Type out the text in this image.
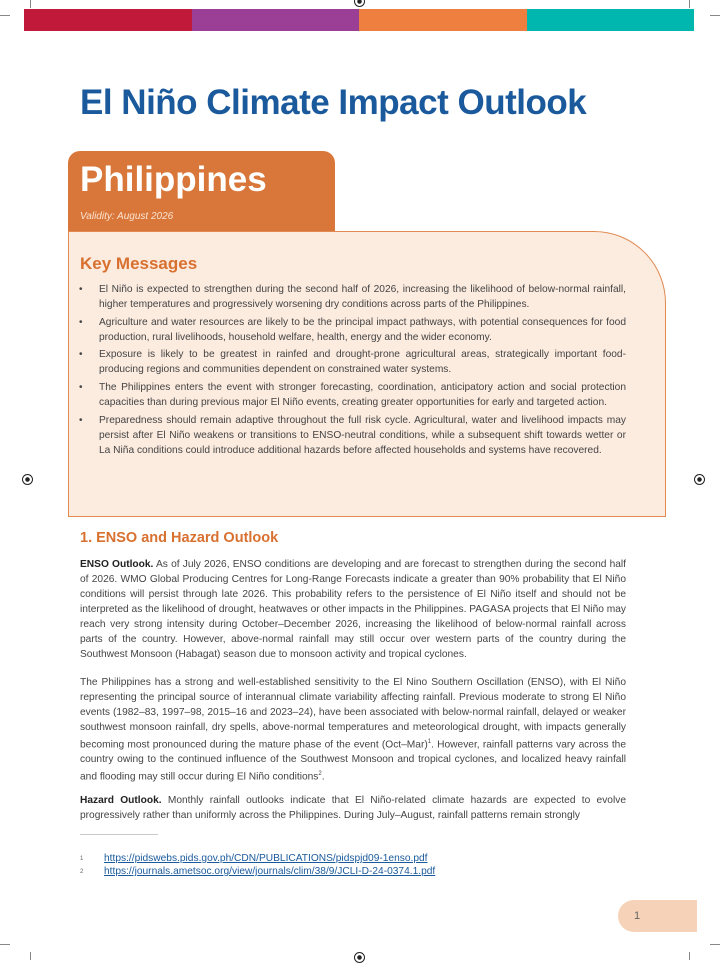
El Niño Climate Impact Outlook
Philippines
Validity: August 2026
Key Messages
• El Niño is expected to strengthen during the second half of 2026, increasing the likelihood of below-normal rainfall, higher temperatures and progressively worsening dry conditions across parts of the Philippines.
• Agriculture and water resources are likely to be the principal impact pathways, with potential consequences for food production, rural livelihoods, household welfare, health, energy and the wider economy.
• Exposure is likely to be greatest in rainfed and drought-prone agricultural areas, strategically important food-producing regions and communities dependent on constrained water systems.
• The Philippines enters the event with stronger forecasting, coordination, anticipatory action and social protection capacities than during previous major El Niño events, creating greater opportunities for early and targeted action.
• Preparedness should remain adaptive throughout the full risk cycle. Agricultural, water and livelihood impacts may persist after El Niño weakens or transitions to ENSO-neutral conditions, while a subsequent shift towards wetter or La Niña conditions could introduce additional hazards before affected households and systems have recovered.
1. ENSO and Hazard Outlook

ENSO Outlook. As of July 2026, ENSO conditions are developing and are forecast to strengthen during the second half of 2026. WMO Global Producing Centres for Long-Range Forecasts indicate a greater than 90% probability that El Niño conditions will persist through late 2026. This probability refers to the persistence of El Niño itself and should not be interpreted as the likelihood of drought, heatwaves or other impacts in the Philippines. PAGASA projects that El Niño may reach very strong intensity during October–December 2026, increasing the likelihood of below-normal rainfall across parts of the country. However, above-normal rainfall may still occur over western parts of the country during the Southwest Monsoon (Habagat) season due to monsoon activity and tropical cyclones.

The Philippines has a strong and well-established sensitivity to the El Nino Southern Oscillation (ENSO), with El Niño representing the principal source of interannual climate variability affecting rainfall. Previous moderate to strong El Niño events (1982–83, 1997–98, 2015–16 and 2023–24), have been associated with below-normal rainfall, delayed or weaker southwest monsoon rainfall, dry spells, above-normal temperatures and meteorological drought, with impacts generally becoming most pronounced during the mature phase of the event $(Oct-Mar)^1$. However, rainfall patterns vary across the country owing to the continued influence of the Southwest Monsoon and tropical cyclones, and localized heavy rainfall and flooding may still occur during El Niño conditions$^2$.

Hazard Outlook. Monthly rainfall outlooks indicate that El Niño-related climate hazards are expected to evolve progressively rather than uniformly across the Philippines. During July–August, rainfall patterns remain strongly

1 https://pidswebs.pids.gov.ph/CDN/PUBLICATIONS/pidspjd09-1enso.pdf
2 https://journals.ametsoc.org/view/journals/clim/38/9/JCLI-D-24-0374.1.pdf
1
